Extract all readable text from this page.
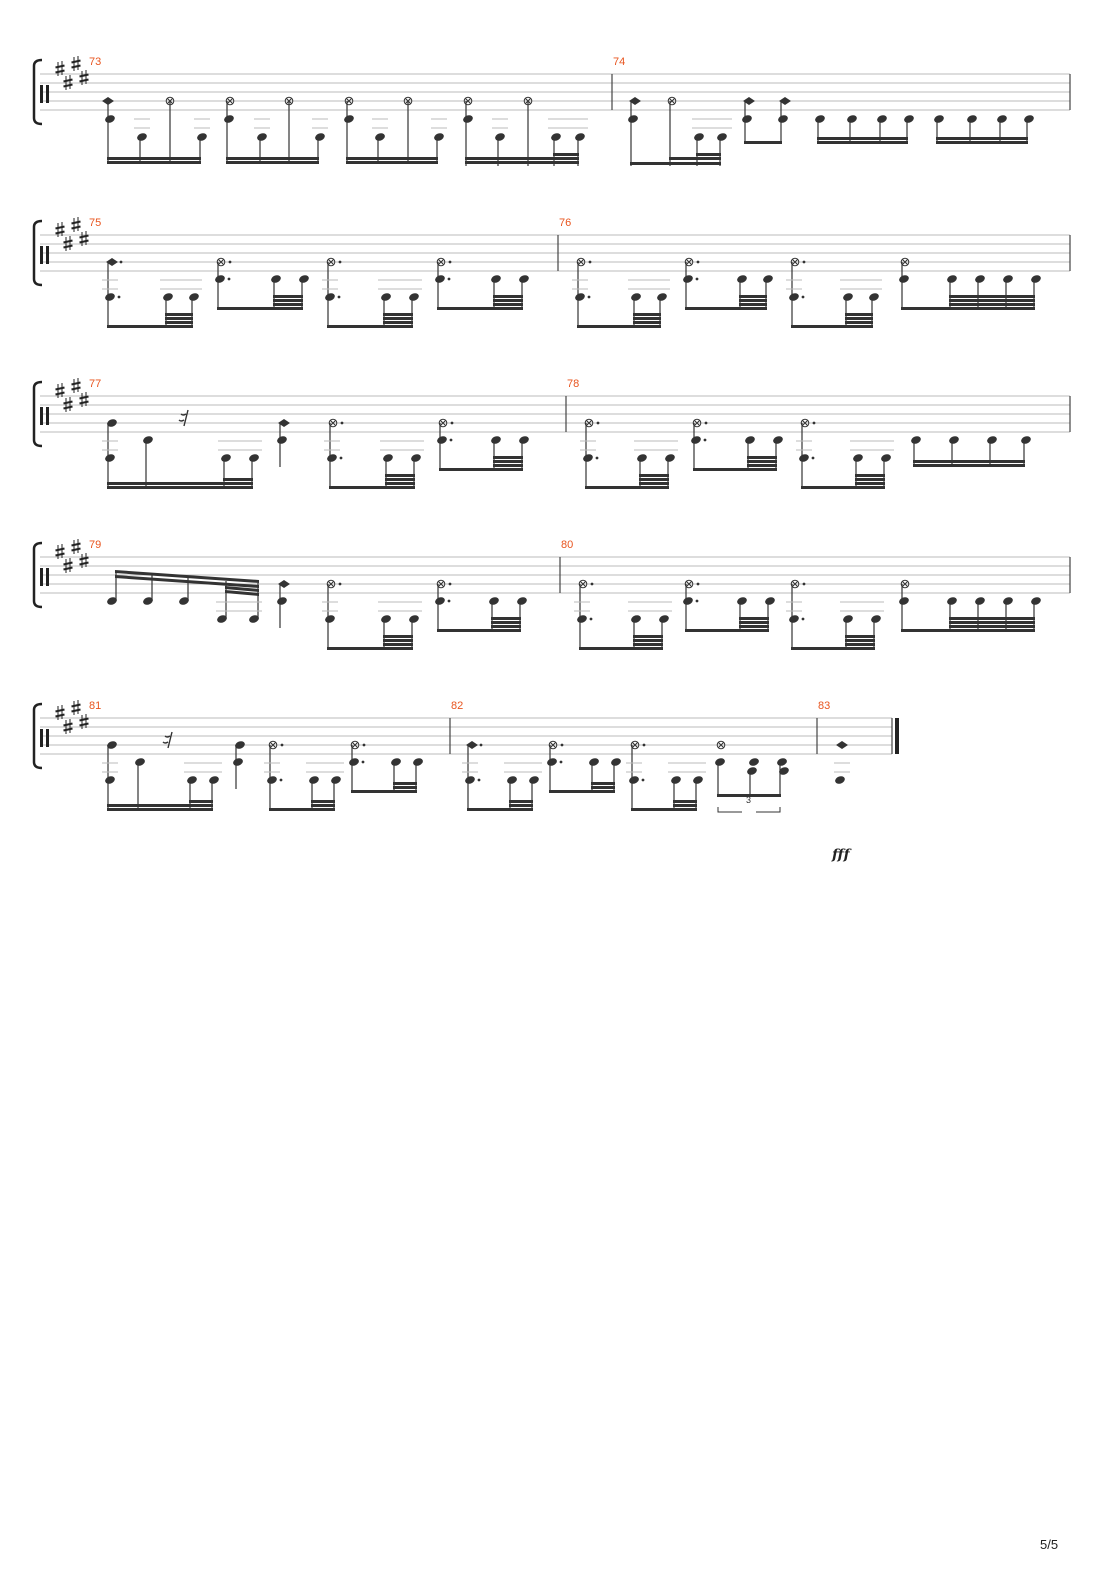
73	74
75	76
77	78
79	80
3
81	82	83
fff
5/5
